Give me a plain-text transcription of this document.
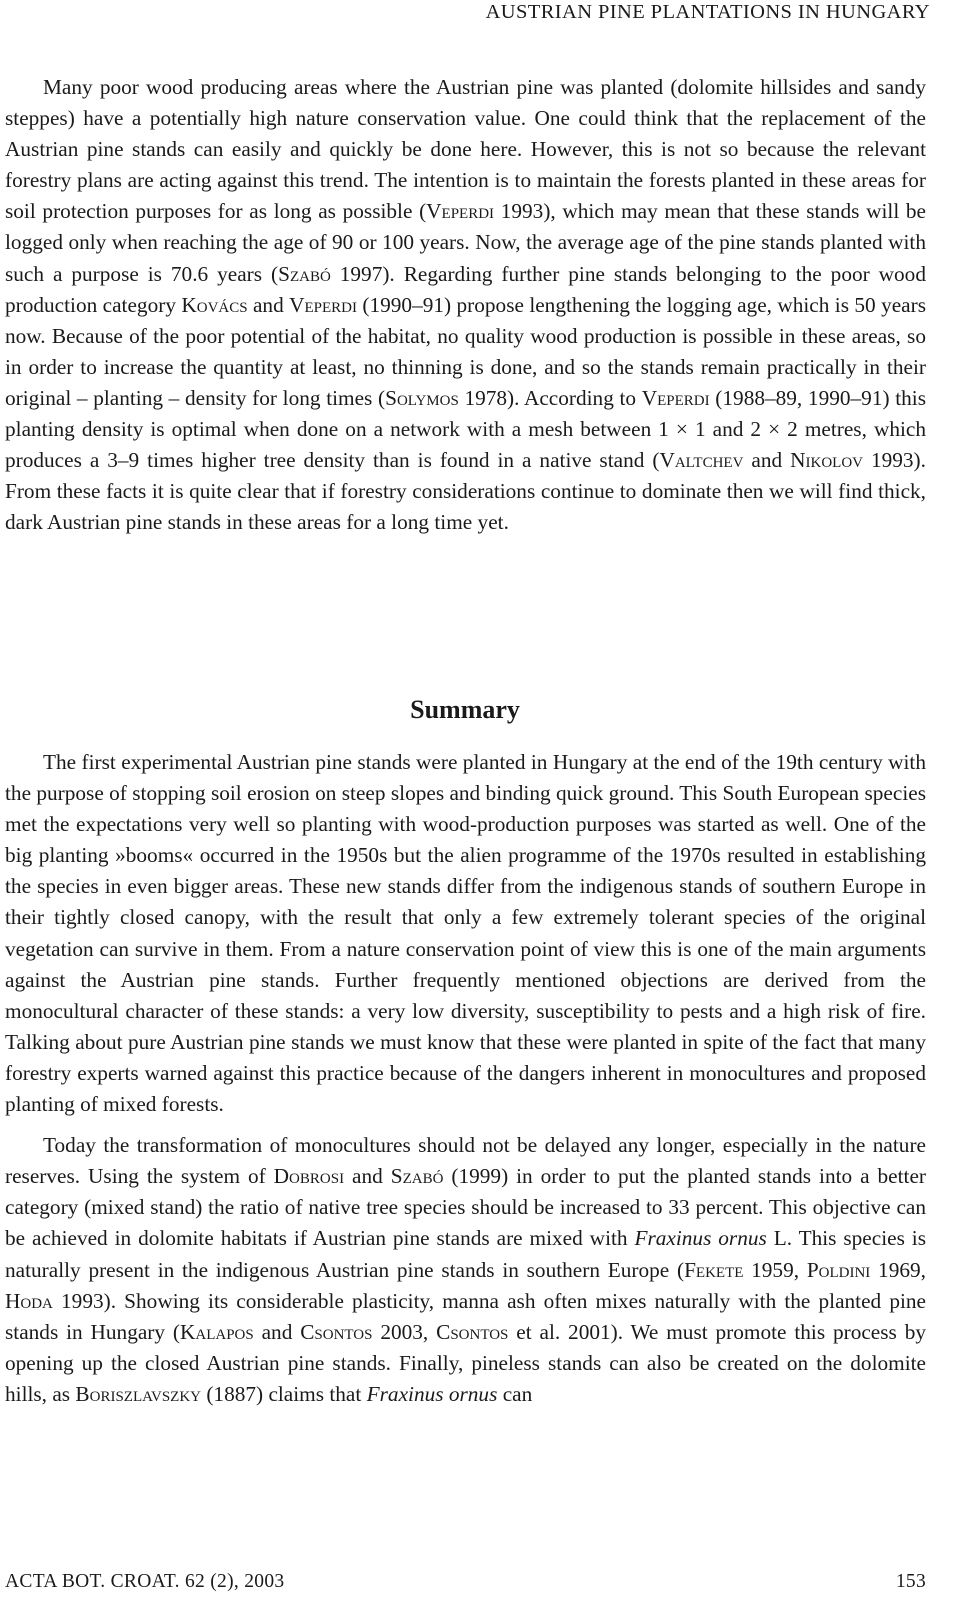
AUSTRIAN PINE PLANTATIONS IN HUNGARY

Many poor wood producing areas where the Austrian pine was planted (dolomite hillsides and sandy steppes) have a potentially high nature conservation value. One could think that the replacement of the Austrian pine stands can easily and quickly be done here. However, this is not so because the relevant forestry plans are acting against this trend. The intention is to maintain the forests planted in these areas for soil protection purposes for as long as possible (Veperdi 1993), which may mean that these stands will be logged only when reaching the age of 90 or 100 years. Now, the average age of the pine stands planted with such a purpose is 70.6 years (Szabó 1997). Regarding further pine stands belonging to the poor wood production category Kovács and Veperdi (1990–91) propose lengthening the logging age, which is 50 years now. Because of the poor potential of the habitat, no quality wood production is possible in these areas, so in order to increase the quantity at least, no thinning is done, and so the stands remain practically in their original – planting – density for long times (Solymos 1978). According to Veperdi (1988–89, 1990–91) this planting density is optimal when done on a network with a mesh between 1 × 1 and 2 × 2 metres, which produces a 3–9 times higher tree density than is found in a native stand (Valtchev and Nikolov 1993). From these facts it is quite clear that if forestry considerations continue to dominate then we will find thick, dark Austrian pine stands in these areas for a long time yet.

Summary

The first experimental Austrian pine stands were planted in Hungary at the end of the 19th century with the purpose of stopping soil erosion on steep slopes and binding quick ground. This South European species met the expectations very well so planting with wood-production purposes was started as well. One of the big planting »booms« occurred in the 1950s but the alien programme of the 1970s resulted in establishing the species in even bigger areas. These new stands differ from the indigenous stands of southern Europe in their tightly closed canopy, with the result that only a few extremely tolerant species of the original vegetation can survive in them. From a nature conservation point of view this is one of the main arguments against the Austrian pine stands. Further frequently mentioned objections are derived from the monocultural character of these stands: a very low diversity, susceptibility to pests and a high risk of fire. Talking about pure Austrian pine stands we must know that these were planted in spite of the fact that many forestry experts warned against this practice because of the dangers inherent in monocultures and proposed planting of mixed forests.

Today the transformation of monocultures should not be delayed any longer, especially in the nature reserves. Using the system of Dobrosi and Szabó (1999) in order to put the planted stands into a better category (mixed stand) the ratio of native tree species should be increased to 33 percent. This objective can be achieved in dolomite habitats if Austrian pine stands are mixed with Fraxinus ornus L. This species is naturally present in the indigenous Austrian pine stands in southern Europe (Fekete 1959, Poldini 1969, Hoda 1993). Showing its considerable plasticity, manna ash often mixes naturally with the planted pine stands in Hungary (Kalapos and Csontos 2003, Csontos et al. 2001). We must promote this process by opening up the closed Austrian pine stands. Finally, pineless stands can also be created on the dolomite hills, as Boriszlavszky (1887) claims that Fraxinus ornus can

ACTA BOT. CROAT. 62 (2), 2003	153
